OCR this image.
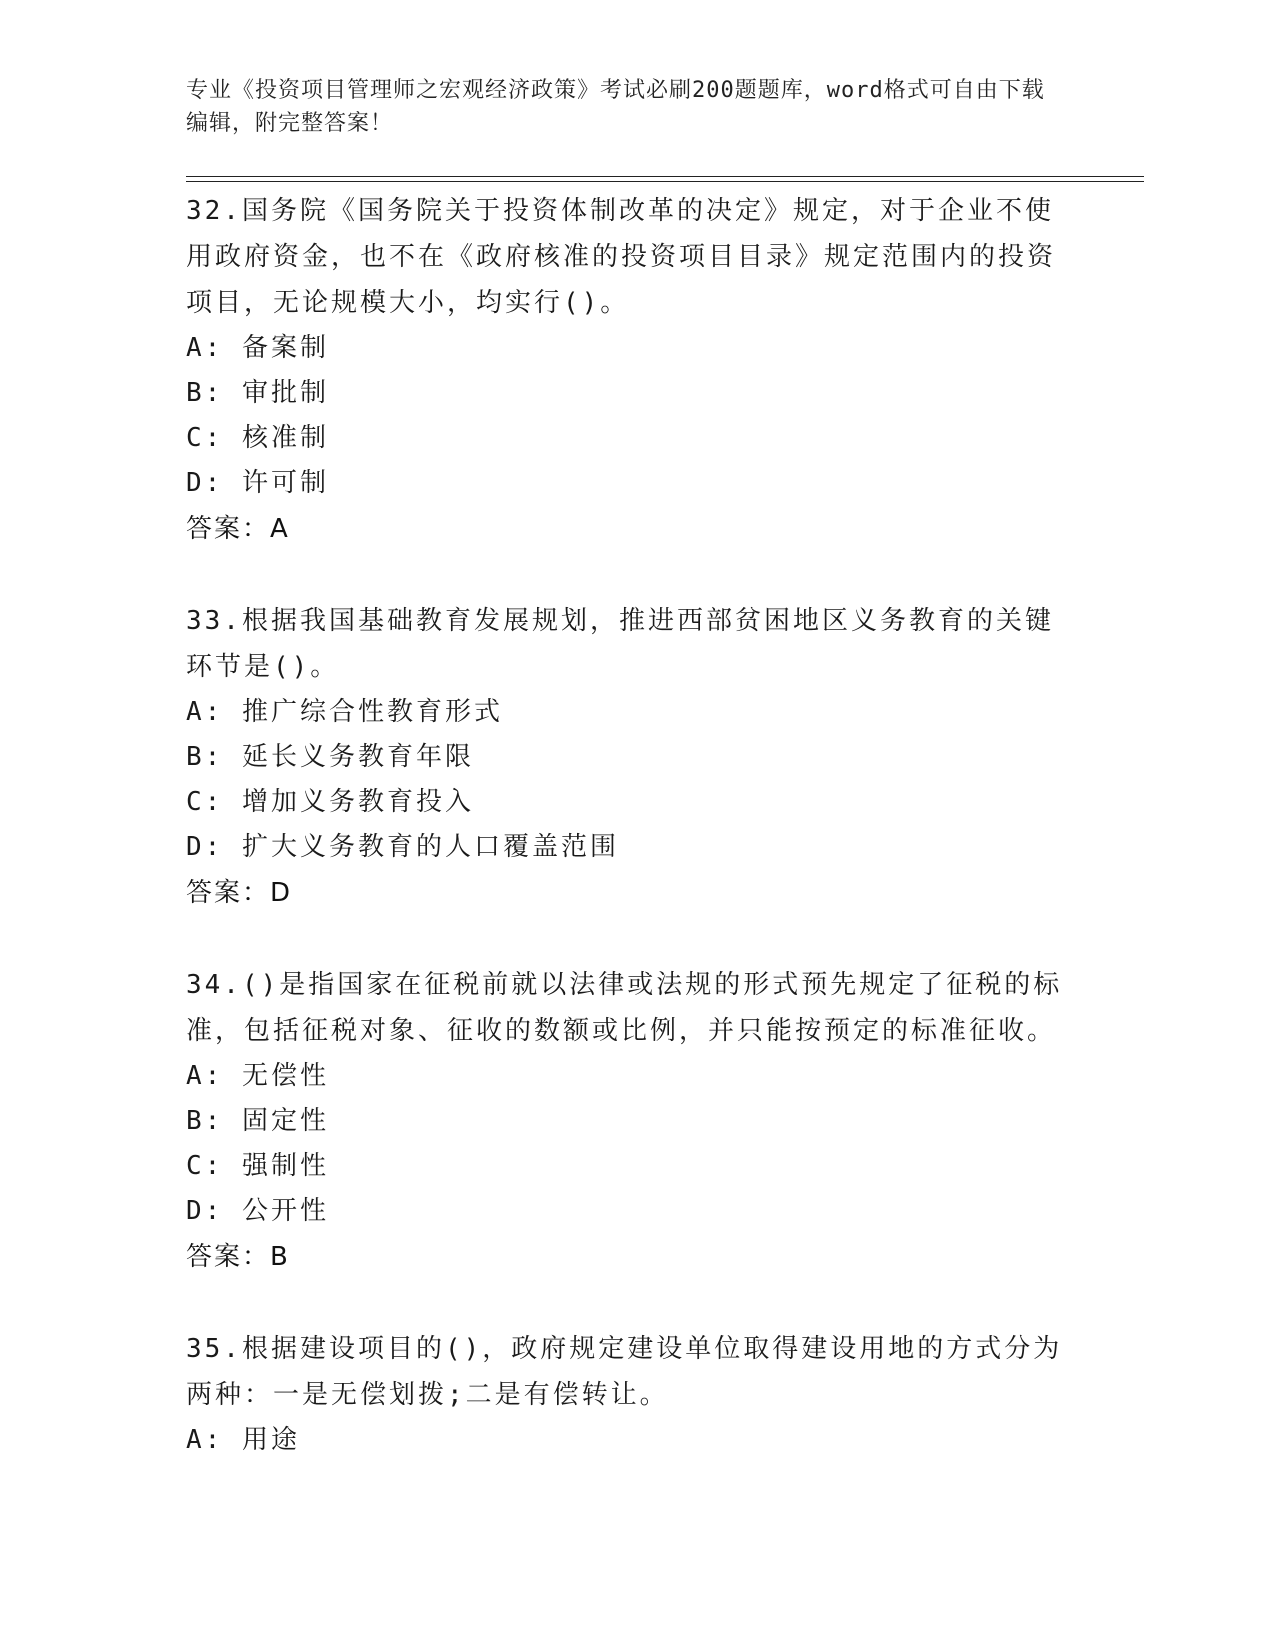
专业《投资项目管理师之宏观经济政策》考试必刷200题题库，word格式可自由下载编辑，附完整答案！

32.国务院《国务院关于投资体制改革的决定》规定，对于企业不使用政府资金，也不在《政府核准的投资项目目录》规定范围内的投资项目，无论规模大小，均实行()。

A: 备案制

B: 审批制

C: 核准制

D: 许可制

答案：A

33.根据我国基础教育发展规划，推进西部贫困地区义务教育的关键环节是()。

A: 推广综合性教育形式

B: 延长义务教育年限

C: 增加义务教育投入

D: 扩大义务教育的人口覆盖范围

答案：D

34.()是指国家在征税前就以法律或法规的形式预先规定了征税的标准，包括征税对象、征收的数额或比例，并只能按预定的标准征收。

A: 无偿性

B: 固定性

C: 强制性

D: 公开性

答案：B

35.根据建设项目的()，政府规定建设单位取得建设用地的方式分为两种：一是无偿划拨;二是有偿转让。

A: 用途
